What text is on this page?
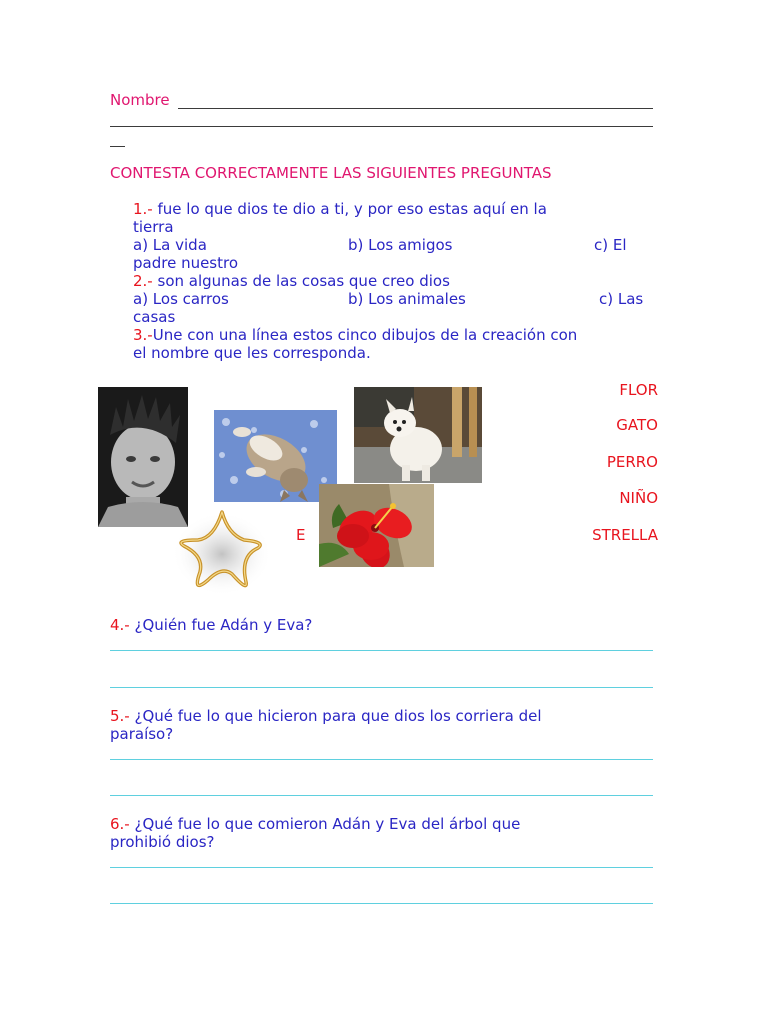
Nombre
CONTESTA CORRECTAMENTE LAS SIGUIENTES PREGUNTAS
1.- fue lo que dios te dio a ti, y por eso estas aquí en la
tierra
a) La vida	b) Los amigos	c) El
padre nuestro
2.- son algunas de las cosas que creo dios
a) Los carros	b) Los animales	c) Las
casas
3.-Une con una línea estos cinco dibujos de la creación con
el nombre que les corresponda.
FLOR
GATO
PERRO
NIÑO
E	STRELLA
4.- ¿Quién fue Adán y Eva?
5.- ¿Qué fue lo que hicieron para que dios los corriera del
paraíso?
6.- ¿Qué fue lo que comieron Adán y Eva del árbol que
prohibió dios?
